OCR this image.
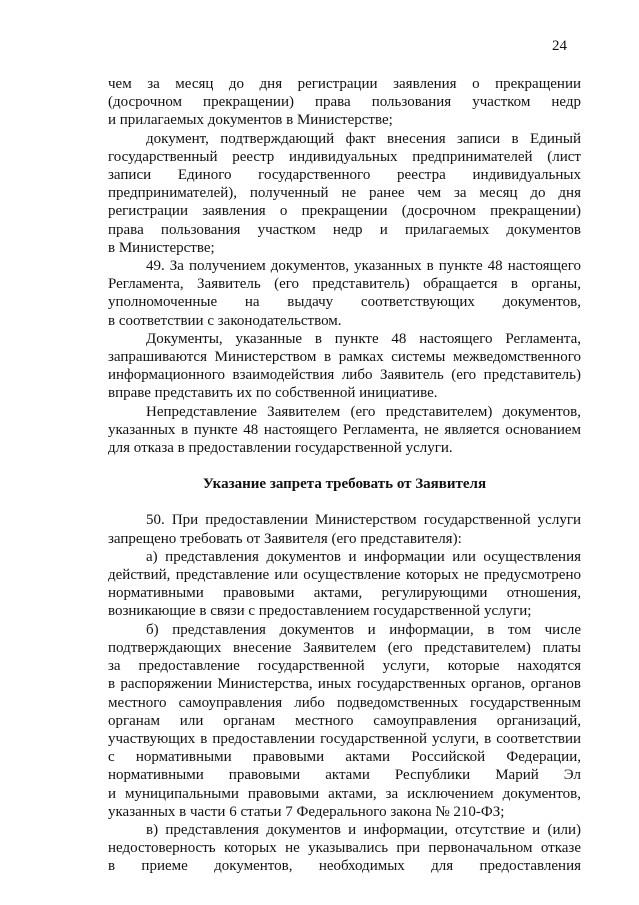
24
чем за месяц до дня регистрации заявления о прекращении
(досрочном прекращении) права пользования участком недр
и прилагаемых документов в Министерстве;
документ, подтверждающий факт внесения записи в Единый
государственный реестр индивидуальных предпринимателей (лист
записи Единого государственного реестра индивидуальных
предпринимателей), полученный не ранее чем за месяц до дня
регистрации заявления о прекращении (досрочном прекращении)
права пользования участком недр и прилагаемых документов
в Министерстве;
49. За получением документов, указанных в пункте 48 настоящего
Регламента, Заявитель (его представитель) обращается в органы,
уполномоченные на выдачу соответствующих документов,
в соответствии с законодательством.
Документы, указанные в пункте 48 настоящего Регламента,
запрашиваются Министерством в рамках системы межведомственного
информационного взаимодействия либо Заявитель (его представитель)
вправе представить их по собственной инициативе.
Непредставление Заявителем (его представителем) документов,
указанных в пункте 48 настоящего Регламента, не является основанием
для отказа в предоставлении государственной услуги.
Указание запрета требовать от Заявителя
50. При предоставлении Министерством государственной услуги
запрещено требовать от Заявителя (его представителя):
а) представления документов и информации или осуществления
действий, представление или осуществление которых не предусмотрено
нормативными правовыми актами, регулирующими отношения,
возникающие в связи с предоставлением государственной услуги;
б) представления документов и информации, в том числе
подтверждающих внесение Заявителем (его представителем) платы
за предоставление государственной услуги, которые находятся
в распоряжении Министерства, иных государственных органов, органов
местного самоуправления либо подведомственных государственным
органам или органам местного самоуправления организаций,
участвующих в предоставлении государственной услуги, в соответствии
с нормативными правовыми актами Российской Федерации,
нормативными правовыми актами Республики Марий Эл
и муниципальными правовыми актами, за исключением документов,
указанных в части 6 статьи 7 Федерального закона № 210-ФЗ;
в) представления документов и информации, отсутствие и (или)
недостоверность которых не указывались при первоначальном отказе
в приеме документов, необходимых для предоставления
